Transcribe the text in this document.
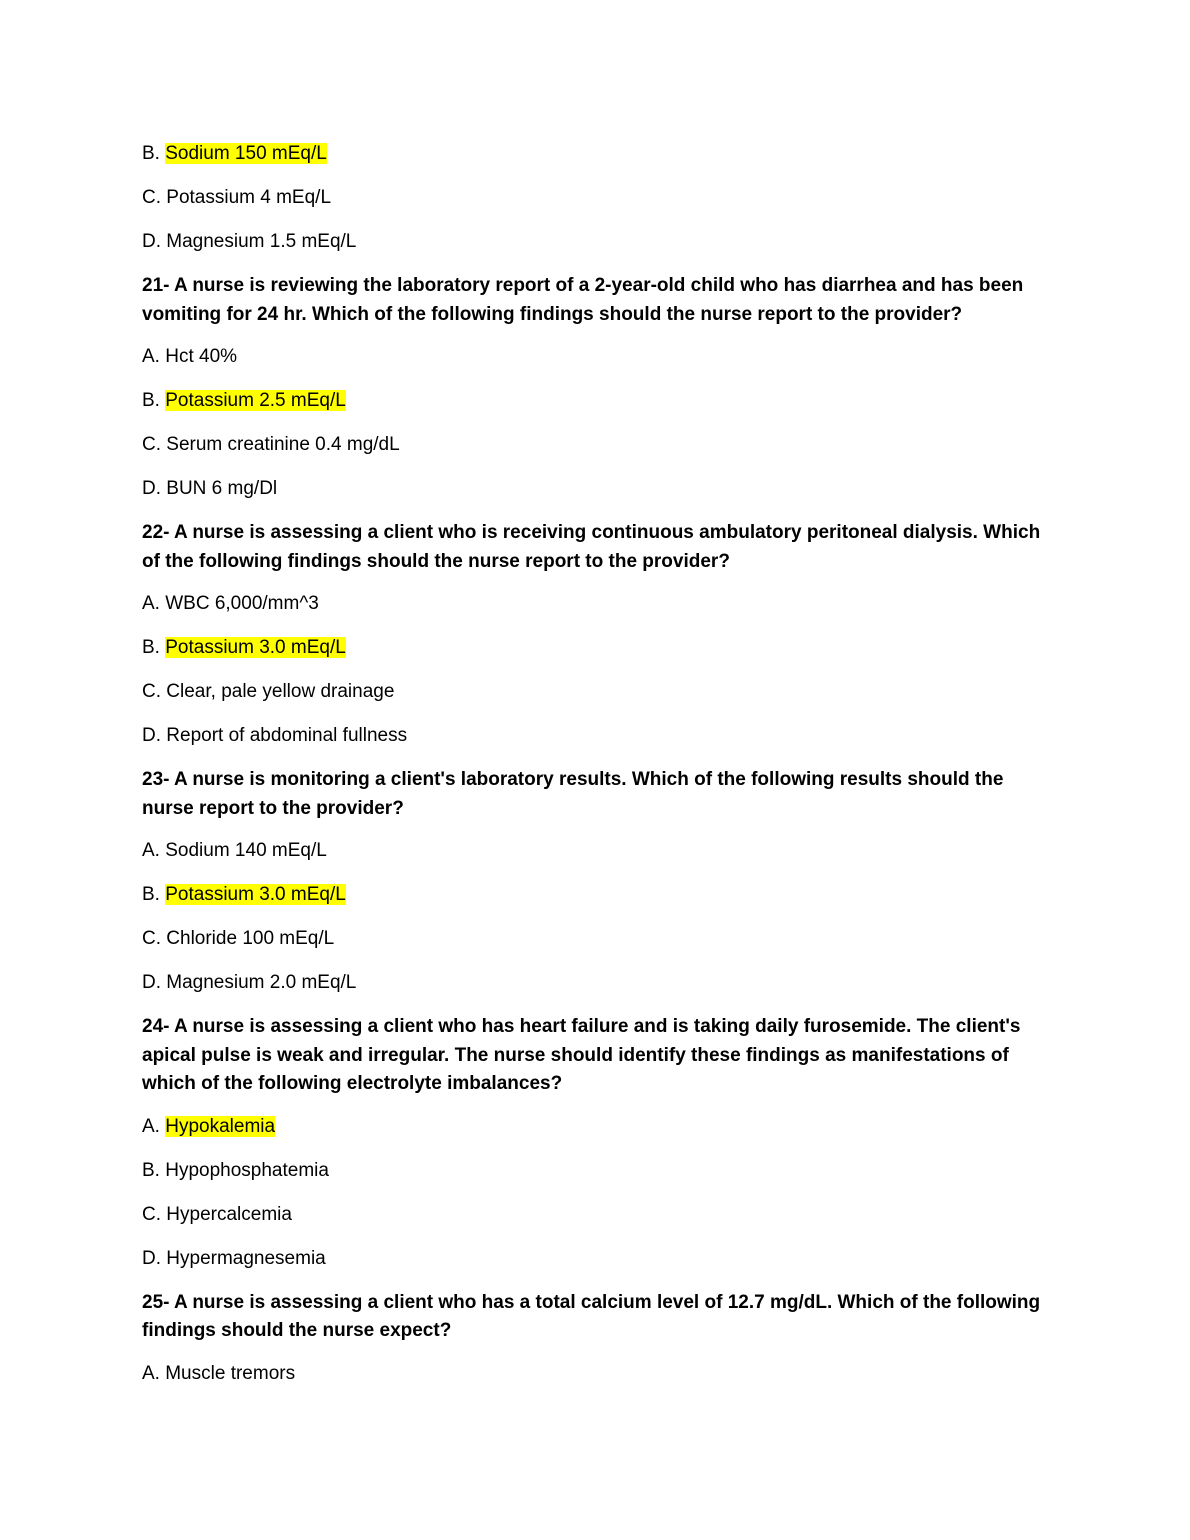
B. Sodium 150 mEq/L

C. Potassium 4 mEq/L

D. Magnesium 1.5 mEq/L

21- A nurse is reviewing the laboratory report of a 2-year-old child who has diarrhea and has been vomiting for 24 hr. Which of the following findings should the nurse report to the provider?

A. Hct 40%

B. Potassium 2.5 mEq/L

C. Serum creatinine 0.4 mg/dL

D. BUN 6 mg/Dl

22- A nurse is assessing a client who is receiving continuous ambulatory peritoneal dialysis. Which of the following findings should the nurse report to the provider?

A. WBC 6,000/mm^3

B. Potassium 3.0 mEq/L

C. Clear, pale yellow drainage

D. Report of abdominal fullness

23- A nurse is monitoring a client's laboratory results. Which of the following results should the nurse report to the provider?

A. Sodium 140 mEq/L

B. Potassium 3.0 mEq/L

C. Chloride 100 mEq/L

D. Magnesium 2.0 mEq/L

24- A nurse is assessing a client who has heart failure and is taking daily furosemide. The client's apical pulse is weak and irregular. The nurse should identify these findings as manifestations of which of the following electrolyte imbalances?

A. Hypokalemia

B. Hypophosphatemia

C. Hypercalcemia

D. Hypermagnesemia

25- A nurse is assessing a client who has a total calcium level of 12.7 mg/dL. Which of the following findings should the nurse expect?

A. Muscle tremors
